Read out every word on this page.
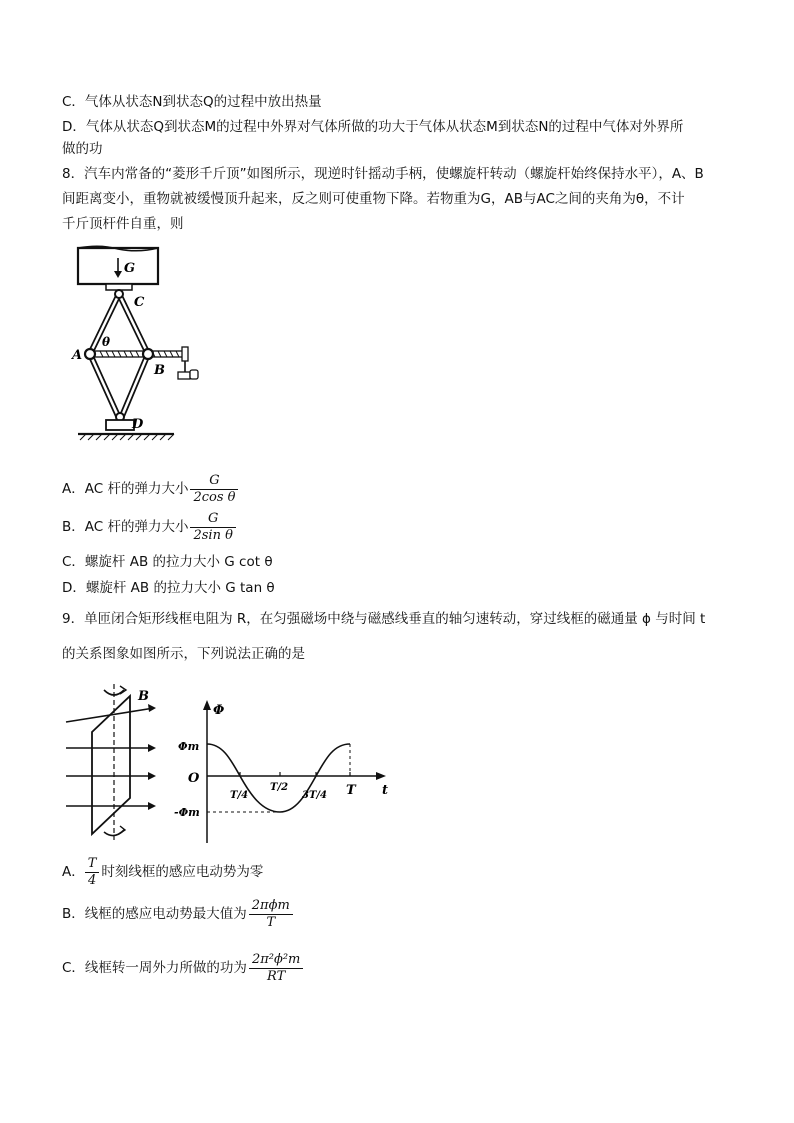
C．气体从状态N到状态Q的过程中放出热量
D．气体从状态Q到状态M的过程中外界对气体所做的功大于气体从状态M到状态N的过程中气体对外界所
做的功
8．汽车内常备的“菱形千斤顶”如图所示，现逆时针摇动手柄，使螺旋杆转动（螺旋杆始终保持水平），A、B
间距离变小，重物就被缓慢顶升起来，反之则可使重物下降。若物重为G，AB与AC之间的夹角为θ，不计
千斤顶杆件自重，则
G
C
A
B
D
θ
A．AC 杆的弹力大小 $\frac{G}{\text{2cos θ}}$
B．AC 杆的弹力大小 $\frac{G}{\text{2sin θ}}$
C．螺旋杆 AB 的拉力大小 G cot θ
D．螺旋杆 AB 的拉力大小 G tan θ
9．单匝闭合矩形线框电阻为 R，在匀强磁场中绕与磁感线垂直的轴匀速转动，穿过线框的磁通量 ϕ 与时间 t
的关系图象如图所示，下列说法正确的是
B
Φ
Φm
O
-Φm
T/4
T/2
3T/4 T t
A． $\frac{T}{4}$ 时刻线框的感应电动势为零
B．线框的感应电动势最大值为 $\frac{\text{2πϕm}}{T}$
C．线框转一周外力所做的功为 $\frac{\text{2π²ϕ²m}}{RT}$
